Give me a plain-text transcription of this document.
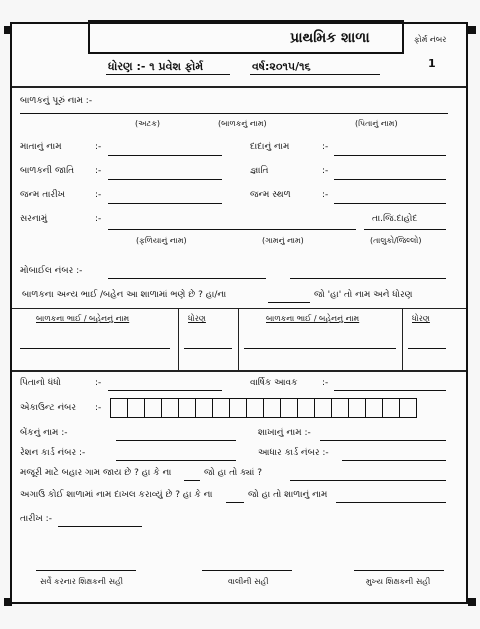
પ્રાથમિક શાળા	ફોર્મ નંબર
1
ધોરણ :- ૧ પ્રવેશ ફોર્મ	વર્ષ:૨૦૧૫/૧૬
બાળકનું પૂરું નામ :-
(અટક)	(બાળકનું નામ)	(પિતાનું નામ)
માતાનું નામ	:-	દાદાનું નામ	:-
બાળકની જાતિ :-	જ્ઞાતિ	:-
જન્મ તારીખ	:-	જન્મ સ્થળ	:-
સરનામું	:-	તા.જિ.દાહોદ
(ફળિયાનું નામ)	(ગામનું નામ)	(તાલુકો/જિલ્લો)
મોબાઈલ નંબર :-
બાળકના અન્ય ભાઈ /બહેન આ શાળામાં ભણે છે ? હા/ના	જો 'હા' તો નામ અને ધોરણ
બાળકના ભાઈ / બહેનનું નામ	ધોરણ	બાળકના ભાઈ / બહેનનું નામ	ધોરણ
પિતાનો ધંધો	:-	વાર્ષિક આવક	:-
એકાઉન્ટ નંબર :-
બેંકનું નામ :-	શાખાનું નામ :-
રેશન કાર્ડ નંબર :-	આધાર કાર્ડ નંબર :-
મજૂરી માટે બહાર ગામ જાય છે ? હા કે ના	જો હા તો ક્યાં ?
અગાઉ કોઈ શાળામાં નામ દાખલ કરાવ્યું છે ? હા કે ના	જો હા તો શાળાનું નામ
તારીખ :-
સર્વે કરનાર શિક્ષકની સહી	વાલીની સહી	મુખ્ય શિક્ષકની સહી
